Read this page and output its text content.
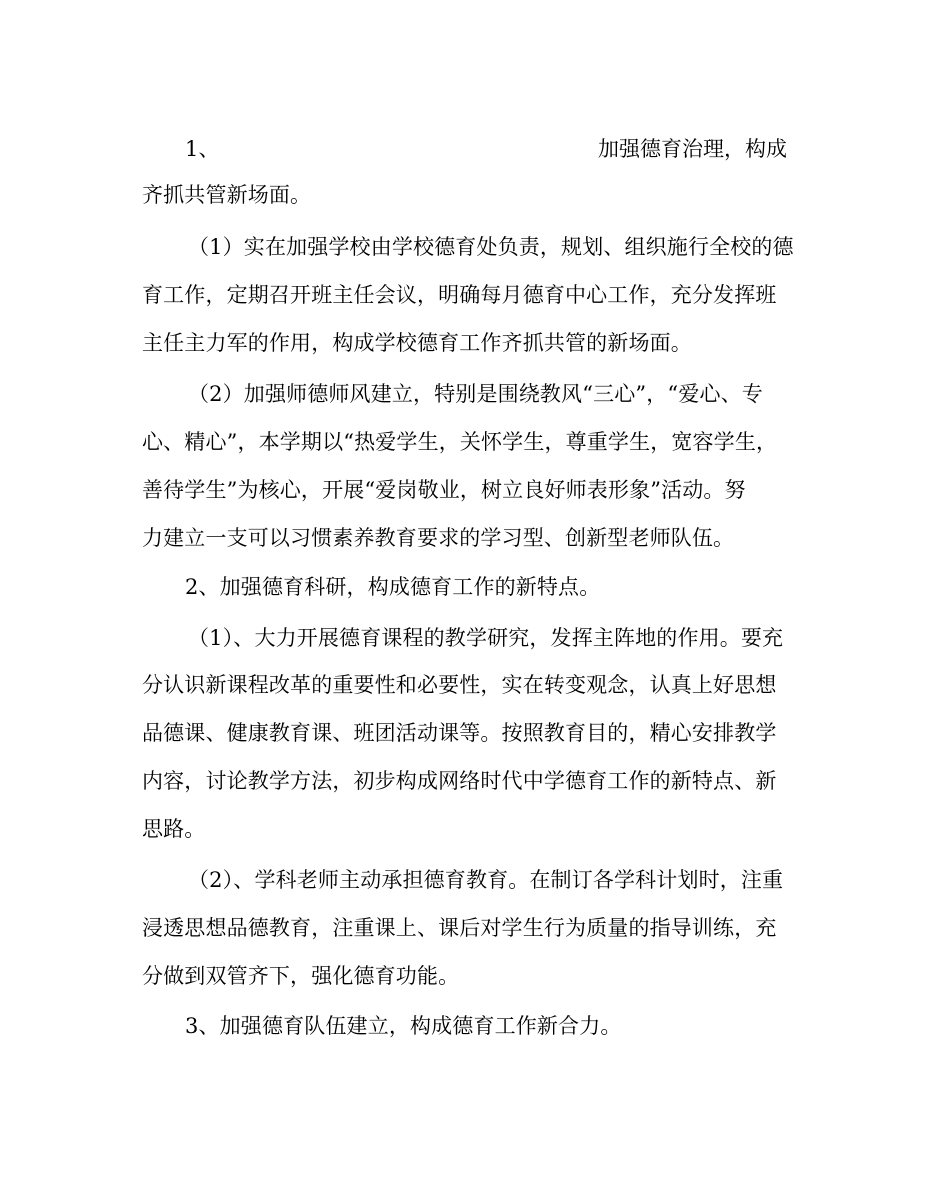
1、	加强德育治理，构成
齐抓共管新场面。
（1）实在加强学校由学校德育处负责，规划、组织施行全校的德
育工作，定期召开班主任会议，明确每月德育中心工作，充分发挥班
主任主力军的作用，构成学校德育工作齐抓共管的新场面。
（2）加强师德师风建立，特别是围绕教风“三心”，“爱心、专
心、精心”，本学期以“热爱学生，关怀学生，尊重学生，宽容学生，
善待学生”为核心，开展“爱岗敬业，树立良好师表形象”活动。努
力建立一支可以习惯素养教育要求的学习型、创新型老师队伍。
2、加强德育科研，构成德育工作的新特点。
（1）、大力开展德育课程的教学研究，发挥主阵地的作用。要充
分认识新课程改革的重要性和必要性，实在转变观念，认真上好思想
品德课、健康教育课、班团活动课等。按照教育目的，精心安排教学
内容，讨论教学方法，初步构成网络时代中学德育工作的新特点、新
思路。
（2）、学科老师主动承担德育教育。在制订各学科计划时，注重
浸透思想品德教育，注重课上、课后对学生行为质量的指导训练，充
分做到双管齐下，强化德育功能。
3、加强德育队伍建立，构成德育工作新合力。
